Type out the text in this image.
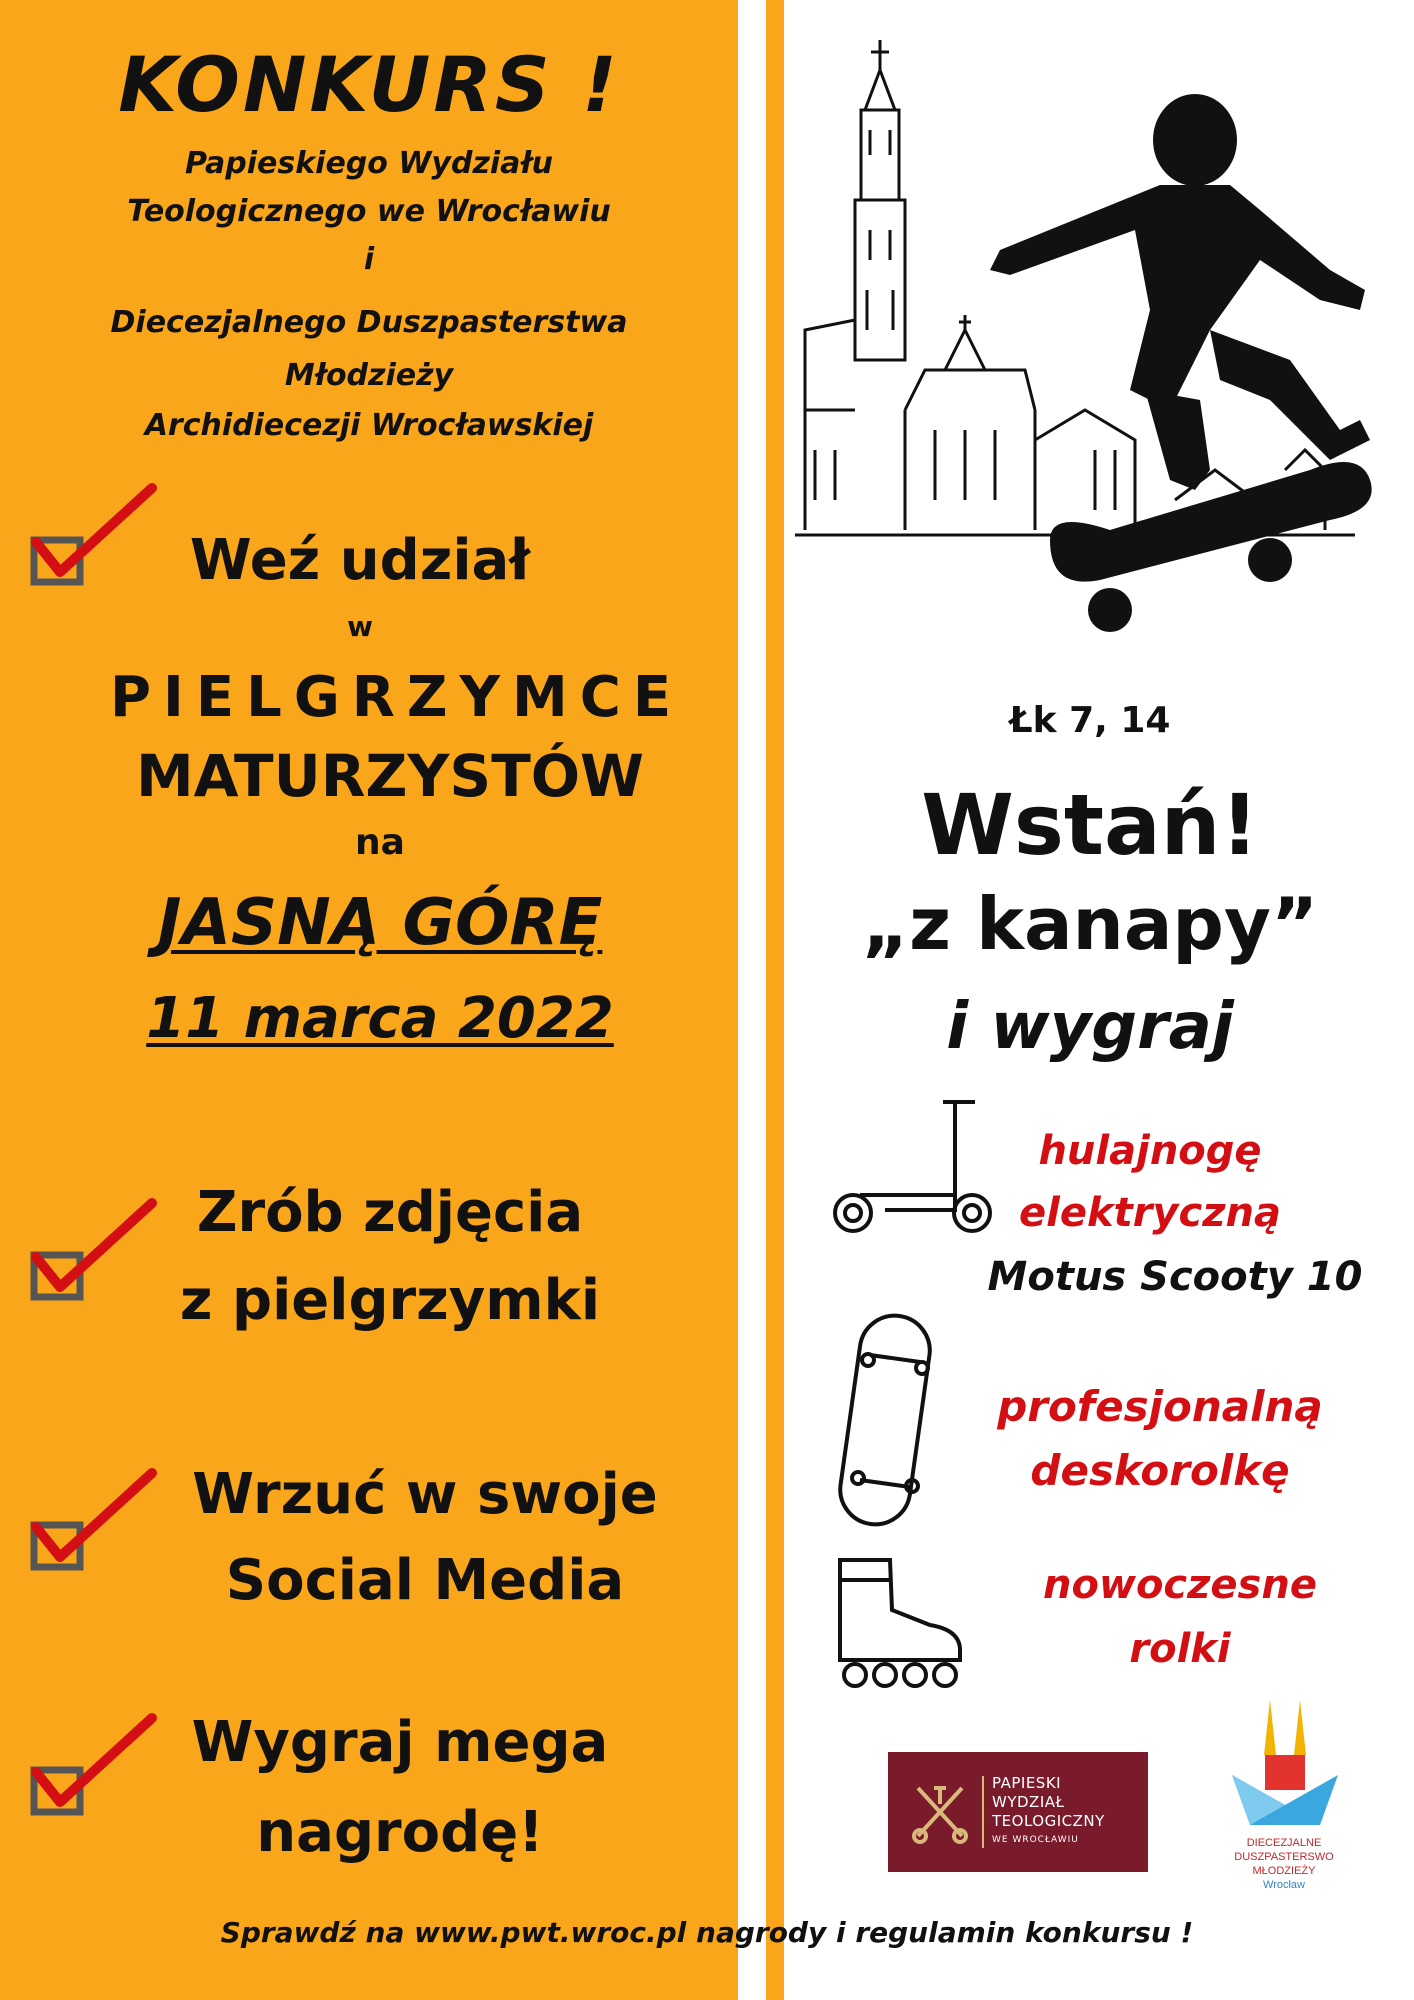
KONKURS !
Papieskiego Wydziału
Teologicznego we Wrocławiu
i
Diecezjalnego Duszpasterstwa
Młodzieży
Archidiecezji Wrocławskiej
Weź udział
w
PIELGRZYMCE
MATURZYSTÓW
na
JASNĄ GÓRĘ
11 marca 2022
Zrób zdjęcia
z pielgrzymki
Wrzuć w swoje
Social Media
Wygraj mega
nagrodę!
Łk 7, 14
Wstań!
„z kanapy”
i wygraj
hulajnogę
elektryczną
Motus Scooty 10
profesjonalną
deskorolkę
nowoczesne
rolki
PAPIESKI
WYDZIAŁ
TEOLOGICZNY
WE WROCŁAWIU	DIECEZJALNE
DUSZPASTERSWO
MŁODZIEŻY
Wrocław
Sprawdź na www.pwt.wroc.pl nagrody i regulamin konkursu !
